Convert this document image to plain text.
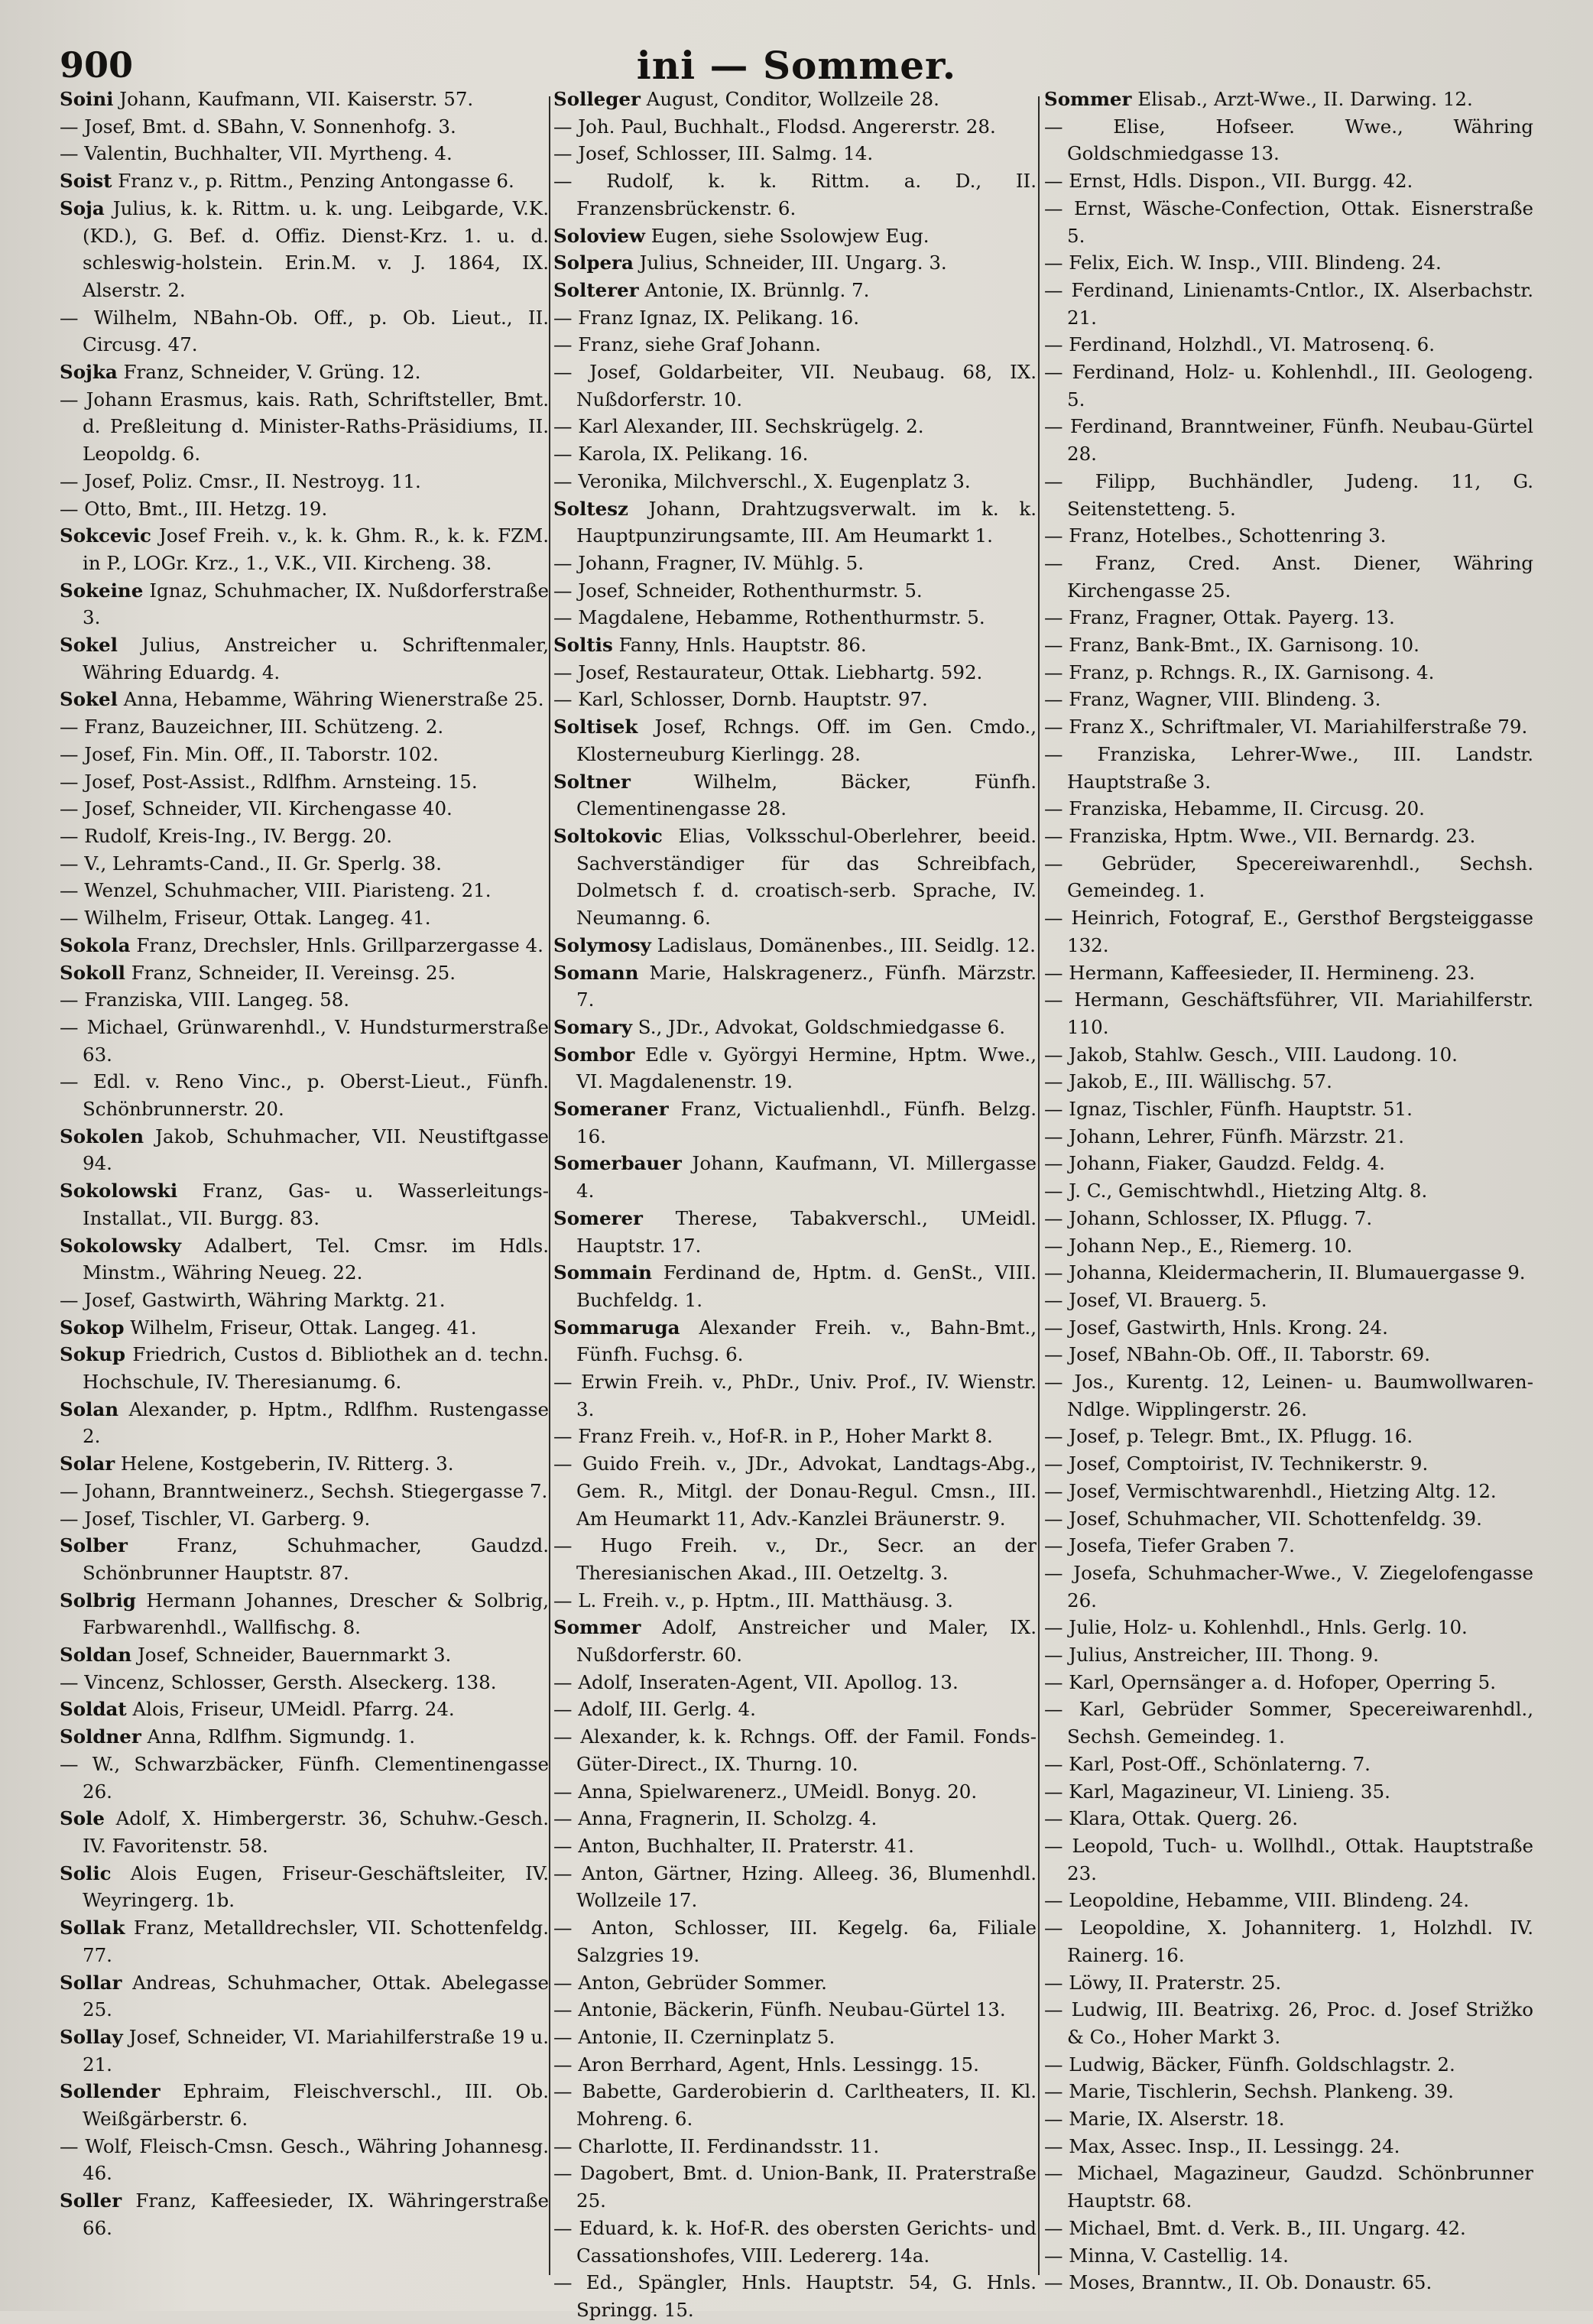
900	ini — Sommer.
Soini Johann, Kaufmann, VII. Kaiserstr. 57.
— Josef, Bmt. d. SBahn, V. Sonnenhofg. 3.
— Valentin, Buchhalter, VII. Myrtheng. 4.
Soist Franz v., p. Rittm., Penzing Antongasse 6.
Soja Julius, k. k. Rittm. u. k. ung. Leibgarde, V.K.(KD.), G. Bef. d. Offiz. Dienst-Krz. 1. u. d. schleswig-holstein. Erin.M. v. J. 1864, IX. Alserstr. 2.
— Wilhelm, NBahn-Ob. Off., p. Ob. Lieut., II. Circusg. 47.
Sojka Franz, Schneider, V. Grüng. 12.
— Johann Erasmus, kais. Rath, Schriftsteller, Bmt. d. Preßleitung d. Minister-Raths-Präsidiums, II. Leopoldg. 6.
— Josef, Poliz. Cmsr., II. Nestroyg. 11.
— Otto, Bmt., III. Hetzg. 19.
Sokcevic Josef Freih. v., k. k. Ghm. R., k. k. FZM. in P., LOGr. Krz., 1., V.K., VII. Kircheng. 38.
Sokeine Ignaz, Schuhmacher, IX. Nußdorferstraße 3.
Sokel Julius, Anstreicher u. Schriftenmaler, Währing Eduardg. 4.
Sokel Anna, Hebamme, Währing Wienerstraße 25.
— Franz, Bauzeichner, III. Schützeng. 2.
— Josef, Fin. Min. Off., II. Taborstr. 102.
— Josef, Post-Assist., Rdlfhm. Arnsteing. 15.
— Josef, Schneider, VII. Kirchengasse 40.
— Rudolf, Kreis-Ing., IV. Bergg. 20.
— V., Lehramts-Cand., II. Gr. Sperlg. 38.
— Wenzel, Schuhmacher, VIII. Piaristeng. 21.
— Wilhelm, Friseur, Ottak. Langeg. 41.
Sokola Franz, Drechsler, Hnls. Grillparzergasse 4.
Sokoll Franz, Schneider, II. Vereinsg. 25.
— Franziska, VIII. Langeg. 58.
— Michael, Grünwarenhdl., V. Hundsturmerstraße 63.
— Edl. v. Reno Vinc., p. Oberst-Lieut., Fünfh. Schönbrunnerstr. 20.
Sokolen Jakob, Schuhmacher, VII. Neustiftgasse 94.
Sokolowski Franz, Gas- u. Wasserleitungs-Installat., VII. Burgg. 83.
Sokolowsky Adalbert, Tel. Cmsr. im Hdls. Minstm., Währing Neueg. 22.
— Josef, Gastwirth, Währing Marktg. 21.
Sokop Wilhelm, Friseur, Ottak. Langeg. 41.
Sokup Friedrich, Custos d. Bibliothek an d. techn. Hochschule, IV. Theresianumg. 6.
Solan Alexander, p. Hptm., Rdlfhm. Rustengasse 2.
Solar Helene, Kostgeberin, IV. Ritterg. 3.
— Johann, Branntweinerz., Sechsh. Stiegergasse 7.
— Josef, Tischler, VI. Garberg. 9.
Solber	Franz, Schuhmacher, Gaudzd. Schönbrunner Hauptstr. 87.
Solbrig Hermann Johannes, Drescher & Solbrig, Farbwarenhdl., Wallfischg. 8.
Soldan Josef, Schneider, Bauernmarkt 3.
— Vincenz, Schlosser, Gersth. Alseckerg. 138.
Soldat Alois, Friseur, UMeidl. Pfarrg. 24.
Soldner Anna, Rdlfhm. Sigmundg. 1.
— W., Schwarzbäcker, Fünfh. Clementinengasse 26.
Sole Adolf, X. Himbergerstr. 36, Schuhw.-Gesch. IV. Favoritenstr. 58.
Solic Alois Eugen, Friseur-Geschäftsleiter, IV. Weyringerg. 1b.
Sollak Franz, Metalldrechsler, VII. Schottenfeldg. 77.
Sollar Andreas, Schuhmacher, Ottak. Abelegasse 25.
Sollay Josef, Schneider, VI. Mariahilferstraße 19 u. 21.
Sollender Ephraim, Fleischverschl., III. Ob. Weißgärberstr. 6.
— Wolf, Fleisch-Cmsn. Gesch., Währing Johannesg. 46.
Soller Franz, Kaffeesieder, IX. Währingerstraße 66.
Solleger August, Conditor, Wollzeile 28.
— Joh. Paul, Buchhalt., Flodsd. Angererstr. 28.
— Josef, Schlosser, III. Salmg. 14.
— Rudolf, k. k. Rittm. a. D., II. Franzensbrückenstr. 6.
Soloview Eugen, siehe Ssolowjew Eug.
Solpera Julius, Schneider, III. Ungarg. 3.
Solterer Antonie, IX. Brünnlg. 7.
— Franz Ignaz, IX. Pelikang. 16.
— Franz, siehe Graf Johann.
— Josef, Goldarbeiter, VII. Neubaug. 68, IX. Nußdorferstr. 10.
— Karl Alexander, III. Sechskrügelg. 2.
— Karola, IX. Pelikang. 16.
— Veronika, Milchverschl., X. Eugenplatz 3.
Soltesz Johann, Drahtzugsverwalt. im k. k. Hauptpunzirungsamte, III. Am Heumarkt 1.
— Johann, Fragner, IV. Mühlg. 5.
— Josef, Schneider, Rothenthurmstr. 5.
— Magdalene, Hebamme, Rothenthurmstr. 5.
Soltis Fanny, Hnls. Hauptstr. 86.
— Josef, Restaurateur, Ottak. Liebhartg. 592.
— Karl, Schlosser, Dornb. Hauptstr. 97.
Soltisek Josef, Rchngs. Off. im Gen. Cmdo., Klosterneuburg Kierlingg. 28.
Soltner	Wilhelm, Bäcker, Fünfh. Clementinengasse 28.
Soltokovic Elias, Volksschul-Oberlehrer, beeid. Sachverständiger für das Schreibfach, Dolmetsch f. d. croatisch-serb. Sprache, IV. Neumanng. 6.
Solymosy Ladislaus, Domänenbes., III. Seidlg. 12.
Somann Marie, Halskragenerz., Fünfh. Märzstr. 7.
Somary S., JDr., Advokat, Goldschmiedgasse 6.
Sombor Edle v. Györgyi Hermine, Hptm. Wwe., VI. Magdalenenstr. 19.
Someraner Franz, Victualienhdl., Fünfh. Belzg. 16.
Somerbauer Johann, Kaufmann, VI. Millergasse 4.
Somerer Therese, Tabakverschl., UMeidl. Hauptstr. 17.
Sommain Ferdinand de, Hptm. d. GenSt., VIII. Buchfeldg. 1.
Sommaruga Alexander Freih. v., Bahn-Bmt., Fünfh. Fuchsg. 6.
— Erwin Freih. v., PhDr., Univ. Prof., IV. Wienstr. 3.
— Franz Freih. v., Hof-R. in P., Hoher Markt 8.
— Guido Freih. v., JDr., Advokat, Landtags-Abg., Gem. R., Mitgl. der Donau-Regul. Cmsn., III. Am Heumarkt 11, Adv.-Kanzlei Bräunerstr. 9.
— Hugo Freih. v., Dr., Secr. an der Theresianischen Akad., III. Oetzeltg. 3.
— L. Freih. v., p. Hptm., III. Matthäusg. 3.
Sommer Adolf, Anstreicher und Maler, IX. Nußdorferstr. 60.
— Adolf, Inseraten-Agent, VII. Apollog. 13.
— Adolf, III. Gerlg. 4.
— Alexander, k. k. Rchngs. Off. der Famil. Fonds-Güter-Direct., IX. Thurng. 10.
— Anna, Spielwarenerz., UMeidl. Bonyg. 20.
— Anna, Fragnerin, II. Scholzg. 4.
— Anton, Buchhalter, II. Praterstr. 41.
— Anton, Gärtner, Hzing. Alleeg. 36, Blumenhdl. Wollzeile 17.
— Anton, Schlosser, III. Kegelg. 6a, Filiale Salzgries 19.
— Anton, Gebrüder Sommer.
— Antonie, Bäckerin, Fünfh. Neubau-Gürtel 13.
— Antonie, II. Czerninplatz 5.
— Aron Berrhard, Agent, Hnls. Lessingg. 15.
— Babette, Garderobierin d. Carltheaters, II. Kl. Mohreng. 6.
— Charlotte, II. Ferdinandsstr. 11.
— Dagobert, Bmt. d. Union-Bank, II. Praterstraße 25.
— Eduard, k. k. Hof-R. des obersten Gerichts- und Cassationshofes, VIII. Ledererg. 14a.
— Ed., Spängler, Hnls. Hauptstr. 54, G. Hnls. Springg. 15.
Sommer Elisab., Arzt-Wwe., II. Darwing. 12.
— Elise, Hofseer. Wwe., Währing Goldschmiedgasse 13.
— Ernst, Hdls. Dispon., VII. Burgg. 42.
— Ernst, Wäsche-Confection, Ottak. Eisnerstraße 5.
— Felix, Eich. W. Insp., VIII. Blindeng. 24.
— Ferdinand, Linienamts-Cntlor., IX. Alserbachstr. 21.
— Ferdinand, Holzhdl., VI. Matrosenq. 6.
— Ferdinand, Holz- u. Kohlenhdl., III. Geologeng. 5.
— Ferdinand, Branntweiner, Fünfh. Neubau-Gürtel 28.
— Filipp, Buchhändler, Judeng. 11, G. Seitenstetteng. 5.
— Franz, Hotelbes., Schottenring 3.
— Franz, Cred. Anst. Diener, Währing Kirchengasse 25.
— Franz, Fragner, Ottak. Payerg. 13.
— Franz, Bank-Bmt., IX. Garnisong. 10.
— Franz, p. Rchngs. R., IX. Garnisong. 4.
— Franz, Wagner, VIII. Blindeng. 3.
— Franz X., Schriftmaler, VI. Mariahilferstraße 79.
— Franziska, Lehrer-Wwe., III. Landstr. Hauptstraße 3.
— Franziska, Hebamme, II. Circusg. 20.
— Franziska, Hptm. Wwe., VII. Bernardg. 23.
— Gebrüder, Specereiwarenhdl., Sechsh. Gemeindeg. 1.
— Heinrich, Fotograf, E., Gersthof Bergsteiggasse 132.
— Hermann, Kaffeesieder, II. Hermineng. 23.
— Hermann, Geschäftsführer, VII. Mariahilferstr. 110.
— Jakob, Stahlw. Gesch., VIII. Laudong. 10.
— Jakob, E., III. Wällischg. 57.
— Ignaz, Tischler, Fünfh. Hauptstr. 51.
— Johann, Lehrer, Fünfh. Märzstr. 21.
— Johann, Fiaker, Gaudzd. Feldg. 4.
— J. C., Gemischtwhdl., Hietzing Altg. 8.
— Johann, Schlosser, IX. Pflugg. 7.
— Johann Nep., E., Riemerg. 10.
— Johanna, Kleidermacherin, II. Blumauergasse 9.
— Josef, VI. Brauerg. 5.
— Josef, Gastwirth, Hnls. Krong. 24.
— Josef, NBahn-Ob. Off., II. Taborstr. 69.
— Jos., Kurentg. 12, Leinen- u. Baumwollwaren-Ndlge. Wipplingerstr. 26.
— Josef, p. Telegr. Bmt., IX. Pflugg. 16.
— Josef, Comptoirist, IV. Technikerstr. 9.
— Josef, Vermischtwarenhdl., Hietzing Altg. 12.
— Josef, Schuhmacher, VII. Schottenfeldg. 39.
— Josefa, Tiefer Graben 7.
— Josefa, Schuhmacher-Wwe., V. Ziegelofengasse 26.
— Julie, Holz- u. Kohlenhdl., Hnls. Gerlg. 10.
— Julius, Anstreicher, III. Thong. 9.
— Karl, Opernsänger a. d. Hofoper, Operring 5.
— Karl, Gebrüder Sommer, Specereiwarenhdl., Sechsh. Gemeindeg. 1.
— Karl, Post-Off., Schönlaterng. 7.
— Karl, Magazineur, VI. Linieng. 35.
— Klara, Ottak. Querg. 26.
— Leopold, Tuch- u. Wollhdl., Ottak. Hauptstraße 23.
— Leopoldine, Hebamme, VIII. Blindeng. 24.
— Leopoldine, X. Johanniterg. 1, Holzhdl. IV. Rainerg. 16.
— Löwy, II. Praterstr. 25.
— Ludwig, III. Beatrixg. 26, Proc. d. Josef Strižko & Co., Hoher Markt 3.
— Ludwig, Bäcker, Fünfh. Goldschlagstr. 2.
— Marie, Tischlerin, Sechsh. Plankeng. 39.
— Marie, IX. Alserstr. 18.
— Max, Assec. Insp., II. Lessingg. 24.
— Michael, Magazineur, Gaudzd. Schönbrunner Hauptstr. 68.
— Michael, Bmt. d. Verk. B., III. Ungarg. 42.
— Minna, V. Castellig. 14.
— Moses, Branntw., II. Ob. Donaustr. 65.
